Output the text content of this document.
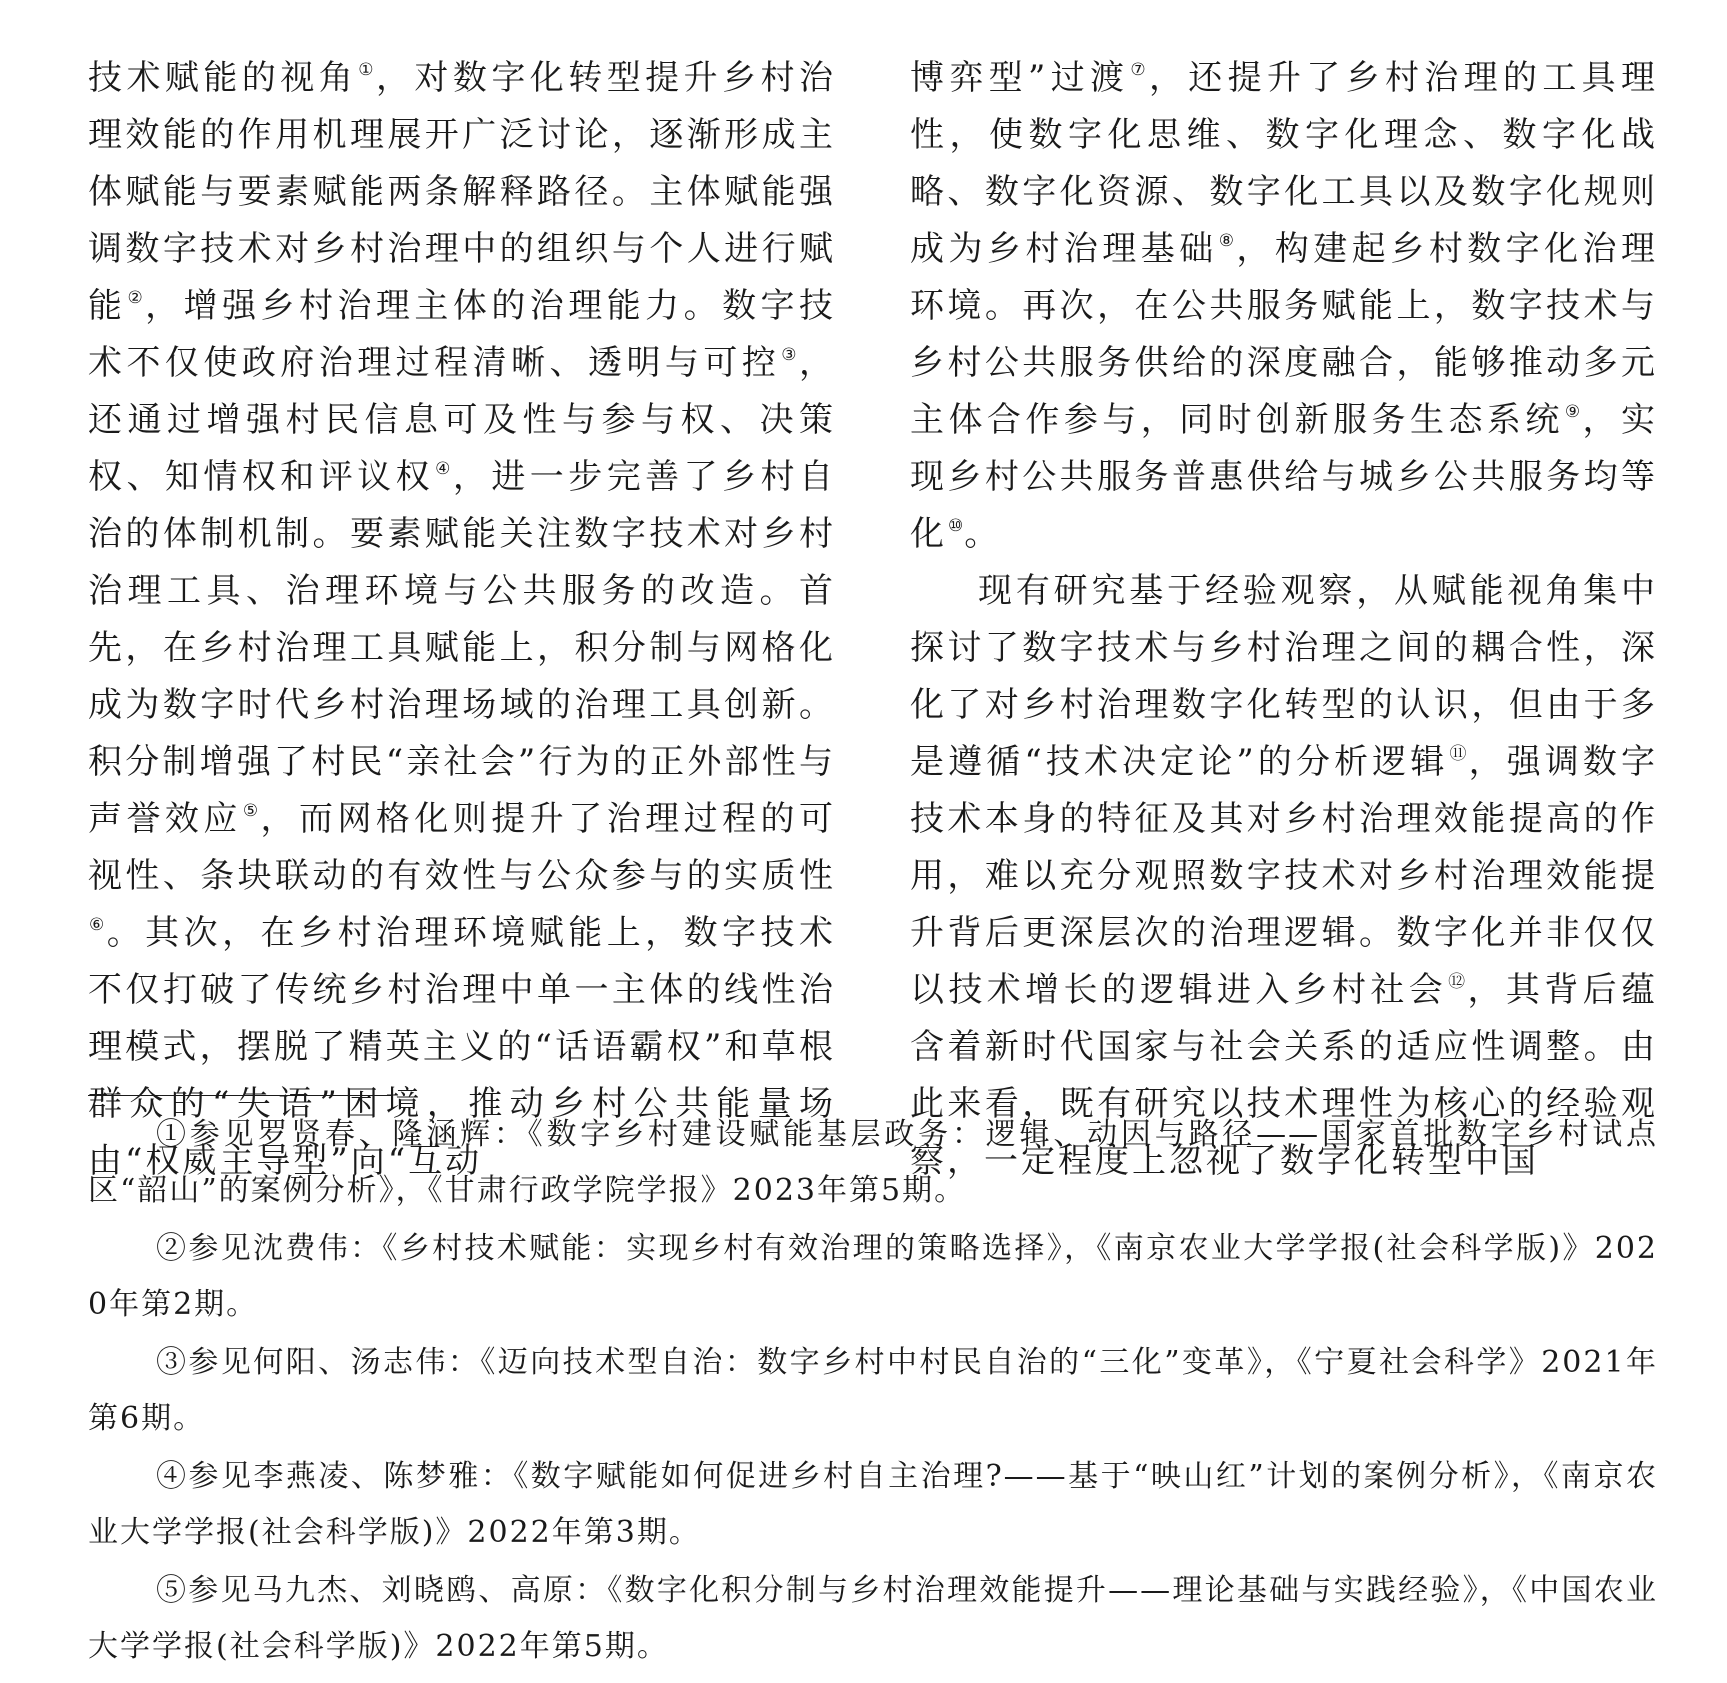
技术赋能的视角①，对数字化转型提升乡村治理效能的作用机理展开广泛讨论，逐渐形成主体赋能与要素赋能两条解释路径。主体赋能强调数字技术对乡村治理中的组织与个人进行赋能②，增强乡村治理主体的治理能力。数字技术不仅使政府治理过程清晰、透明与可控③，还通过增强村民信息可及性与参与权、决策权、知情权和评议权④，进一步完善了乡村自治的体制机制。要素赋能关注数字技术对乡村治理工具、治理环境与公共服务的改造。首先，在乡村治理工具赋能上，积分制与网格化成为数字时代乡村治理场域的治理工具创新。积分制增强了村民“亲社会”行为的正外部性与声誉效应⑤，而网格化则提升了治理过程的可视性、条块联动的有效性与公众参与的实质性⑥。其次，在乡村治理环境赋能上，数字技术不仅打破了传统乡村治理中单一主体的线性治理模式，摆脱了精英主义的“话语霸权”和草根群众的“失语”困境，推动乡村公共能量场由“权威主导型”向“互动

博弈型”过渡⑦，还提升了乡村治理的工具理性，使数字化思维、数字化理念、数字化战略、数字化资源、数字化工具以及数字化规则成为乡村治理基础⑧，构建起乡村数字化治理环境。再次，在公共服务赋能上，数字技术与乡村公共服务供给的深度融合，能够推动多元主体合作参与，同时创新服务生态系统⑨，实现乡村公共服务普惠供给与城乡公共服务均等化⑩。

现有研究基于经验观察，从赋能视角集中探讨了数字技术与乡村治理之间的耦合性，深化了对乡村治理数字化转型的认识，但由于多是遵循“技术决定论”的分析逻辑⑪，强调数字技术本身的特征及其对乡村治理效能提高的作用，难以充分观照数字技术对乡村治理效能提升背后更深层次的治理逻辑。数字化并非仅仅以技术增长的逻辑进入乡村社会⑫，其背后蕴含着新时代国家与社会关系的适应性调整。由此来看，既有研究以技术理性为核心的经验观察，一定程度上忽视了数字化转型中国

①参见罗贤春、隆涵辉：《数字乡村建设赋能基层政务：逻辑、动因与路径——国家首批数字乡村试点区“韶山”的案例分析》，《甘肃行政学院学报》2023年第5期。

②参见沈费伟：《乡村技术赋能：实现乡村有效治理的策略选择》，《南京农业大学学报(社会科学版)》2020年第2期。

③参见何阳、汤志伟：《迈向技术型自治：数字乡村中村民自治的“三化”变革》，《宁夏社会科学》2021年第6期。

④参见李燕凌、陈梦雅：《数字赋能如何促进乡村自主治理?——基于“映山红”计划的案例分析》，《南京农业大学学报(社会科学版)》2022年第3期。

⑤参见马九杰、刘晓鸥、高原：《数字化积分制与乡村治理效能提升——理论基础与实践经验》，《中国农业大学学报(社会科学版)》2022年第5期。
